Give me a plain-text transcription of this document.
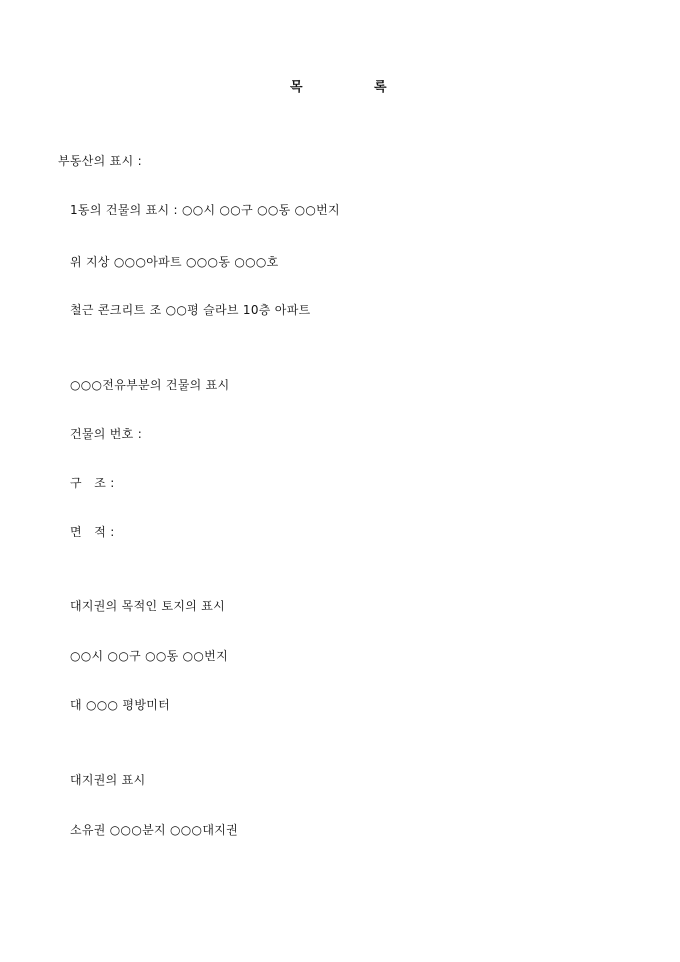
목	록
부동산의 표시 :
1동의 건물의 표시 : ○○시 ○○구 ○○동 ○○번지
위 지상 ○○○아파트 ○○○동 ○○○호
철근 콘크리트 조 ○○평 슬라브 10층 아파트
○○○전유부분의 건물의 표시
건물의 번호 :
구   조 :
면   적 :
대지권의 목적인 토지의 표시
○○시 ○○구 ○○동 ○○번지
대 ○○○ 평방미터
대지권의 표시
소유권 ○○○분지 ○○○대지권
